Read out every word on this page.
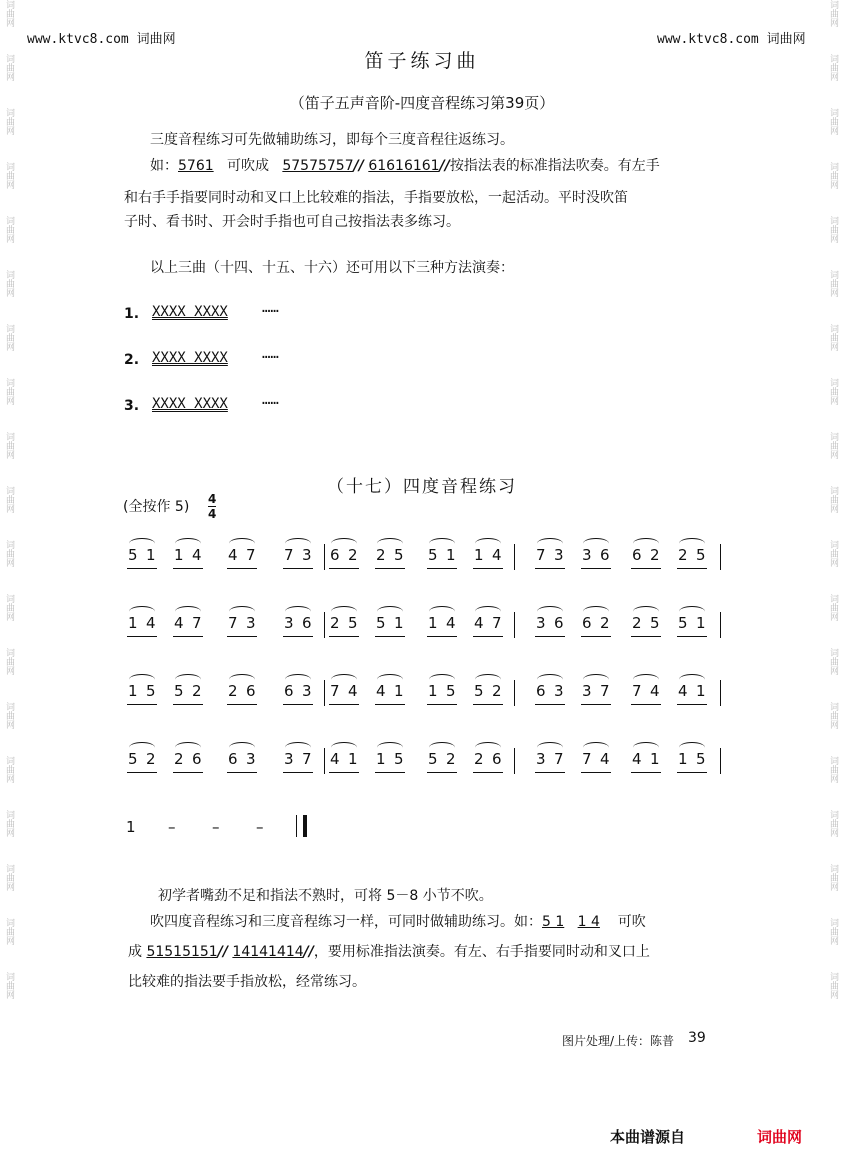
词曲网
词曲网
词曲网
词曲网
词曲网
词曲网
词曲网
词曲网
词曲网
词曲网
词曲网
词曲网
词曲网
词曲网
词曲网
词曲网
词曲网
词曲网
词曲网
词曲网
词曲网
词曲网
词曲网
词曲网
词曲网
词曲网
词曲网
词曲网
词曲网
词曲网
词曲网
词曲网
词曲网
词曲网
词曲网
词曲网
词曲网
词曲网
www.ktvc8.com 词曲网	www.ktvc8.com 词曲网
笛子练习曲
（笛子五声音阶-四度音程练习第39页）
三度音程练习可先做辅助练习，即每个三度音程往返练习。
如：5761 可吹成 57575757// 61616161//按指法表的标准指法吹奏。有左手
和右手手指要同时动和叉口上比较难的指法，手指要放松，一起活动。平时没吹笛
子时、看书时、开会时手指也可自己按指法表多练习。
以上三曲（十四、十五、十六）还可用以下三种方法演奏：
1. XXXX XXXX ……
2. XXXX XXXX ……
3. XXXX XXXX ……
（十七）四度音程练习
(全按作 5) 4
4
5 1 1 4 4 7 7 3 6 2 2 5 5 1 1 4 7 3 3 6 6 2 2 5
1 4 4 7 7 3 3 6 2 5 5 1 1 4 4 7 3 6 6 2 2 5 5 1
1 5 5 2 2 6 6 3 7 4 4 1 1 5 5 2 6 3 3 7 7 4 4 1
5 2 2 6 6 3 3 7 4 1 1 5 5 2 2 6 3 7 7 4 4 1 1 5
1 – – –
初学者嘴劲不足和指法不熟时，可将 5－8 小节不吹。
吹四度音程练习和三度音程练习一样，可同时做辅助练习。如：5 1 1 4 可吹
成 51515151// 14141414//，要用标准指法演奏。有左、右手指要同时动和叉口上
比较难的指法要手指放松，经常练习。
图片处理/上传：陈普 39
本曲谱源自	词曲网
